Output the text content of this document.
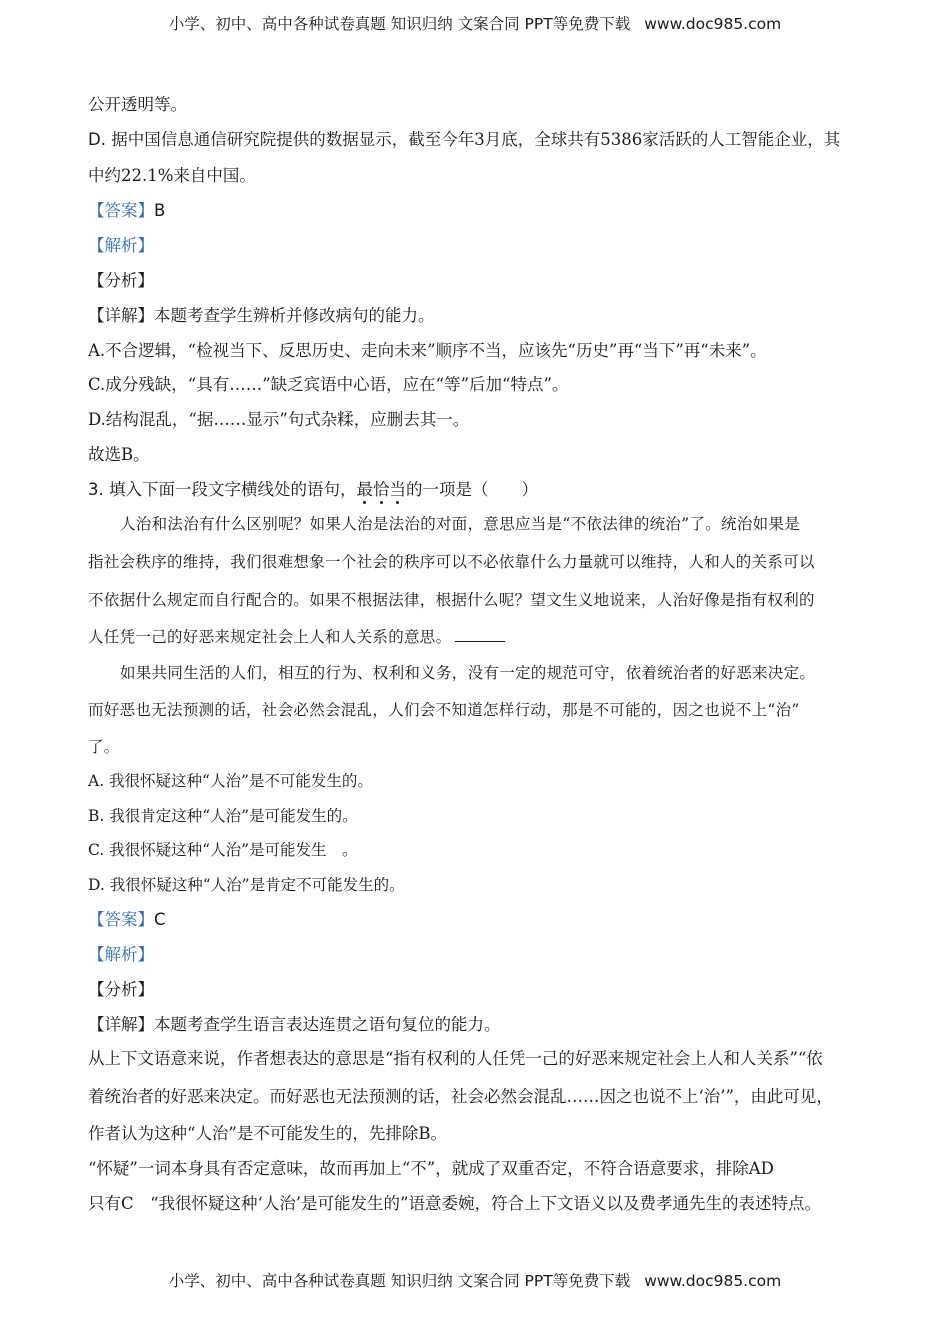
小学、初中、高中各种试卷真题 知识归纳 文案合同 PPT等免费下载 www.doc985.com
公开透明等。
D. 据中国信息通信研究院提供的数据显示，截至今年3月底，全球共有5386家活跃的人工智能企业，其
中约22.1%来自中国。
【答案】B
【解析】
【分析】
【详解】本题考查学生辨析并修改病句的能力。
A.不合逻辑，“检视当下、反思历史、走向未来”顺序不当，应该先“历史”再“当下”再“未来”。
C.成分残缺，“具有……”缺乏宾语中心语，应在“等”后加“特点”。
D.结构混乱，“据……显示”句式杂糅，应删去其一。
故选B。
3. 填入下面一段文字横线处的语句，最恰当的一项是（　　）
人治和法治有什么区别呢？如果人治是法治的对面，意思应当是“不依法律的统治”了。统治如果是
指社会秩序的维持，我们很难想象一个社会的秩序可以不必依靠什么力量就可以维持，人和人的关系可以
不依据什么规定而自行配合的。如果不根据法律，根据什么呢？望文生义地说来，人治好像是指有权利的
人任凭一己的好恶来规定社会上人和人关系的意思。
如果共同生活的人们，相互的行为、权利和义务，没有一定的规范可守，依着统治者的好恶来决定。
而好恶也无法预测的话，社会必然会混乱，人们会不知道怎样行动，那是不可能的，因之也说不上“治”
了。
A. 我很怀疑这种“人治”是不可能发生的。
B. 我很肯定这种“人治”是可能发生的。
C. 我很怀疑这种“人治”是可能发生　。
D. 我很怀疑这种“人治”是肯定不可能发生的。
【答案】C
【解析】
【分析】
【详解】本题考查学生语言表达连贯之语句复位的能力。
从上下文语意来说，作者想表达的意思是“指有权利的人任凭一己的好恶来规定社会上人和人关系”“依
着统治者的好恶来决定。而好恶也无法预测的话，社会必然会混乱……因之也说不上‘治’”，由此可见，
作者认为这种“人治”是不可能发生的，先排除B。
“怀疑”一词本身具有否定意味，故而再加上“不”，就成了双重否定，不符合语意要求，排除AD
只有C　“我很怀疑这种‘人治’是可能发生的”语意委婉，符合上下文语义以及费孝通先生的表述特点。
小学、初中、高中各种试卷真题 知识归纳 文案合同 PPT等免费下载 www.doc985.com
